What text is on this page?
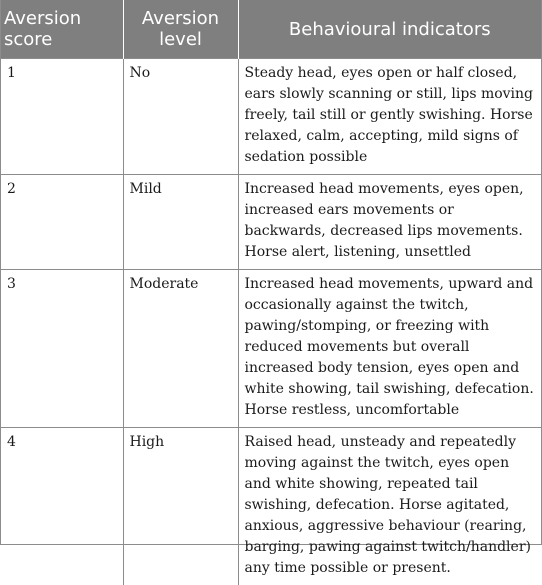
Aversion score	Aversion level	Behavioural indicators
1	No	Steady head, eyes open or half closed, ears slowly scanning or still, lips moving freely, tail still or gently swishing. Horse relaxed, calm, accepting, mild signs of sedation possible
2	Mild	Increased head movements, eyes open, increased ears movements or backwards, decreased lips movements. Horse alert, listening, unsettled
3	Moderate	Increased head movements, upward and occasionally against the twitch, pawing/stomping, or freezing with reduced movements but overall increased body tension, eyes open and white showing, tail swishing, defecation. Horse restless, uncomfortable
4	High	Raised head, unsteady and repeatedly moving against the twitch, eyes open and white showing, repeated tail swishing, defecation. Horse agitated, anxious, aggressive behaviour (rearing, barging, pawing against twitch/handler) any time possible or present.
